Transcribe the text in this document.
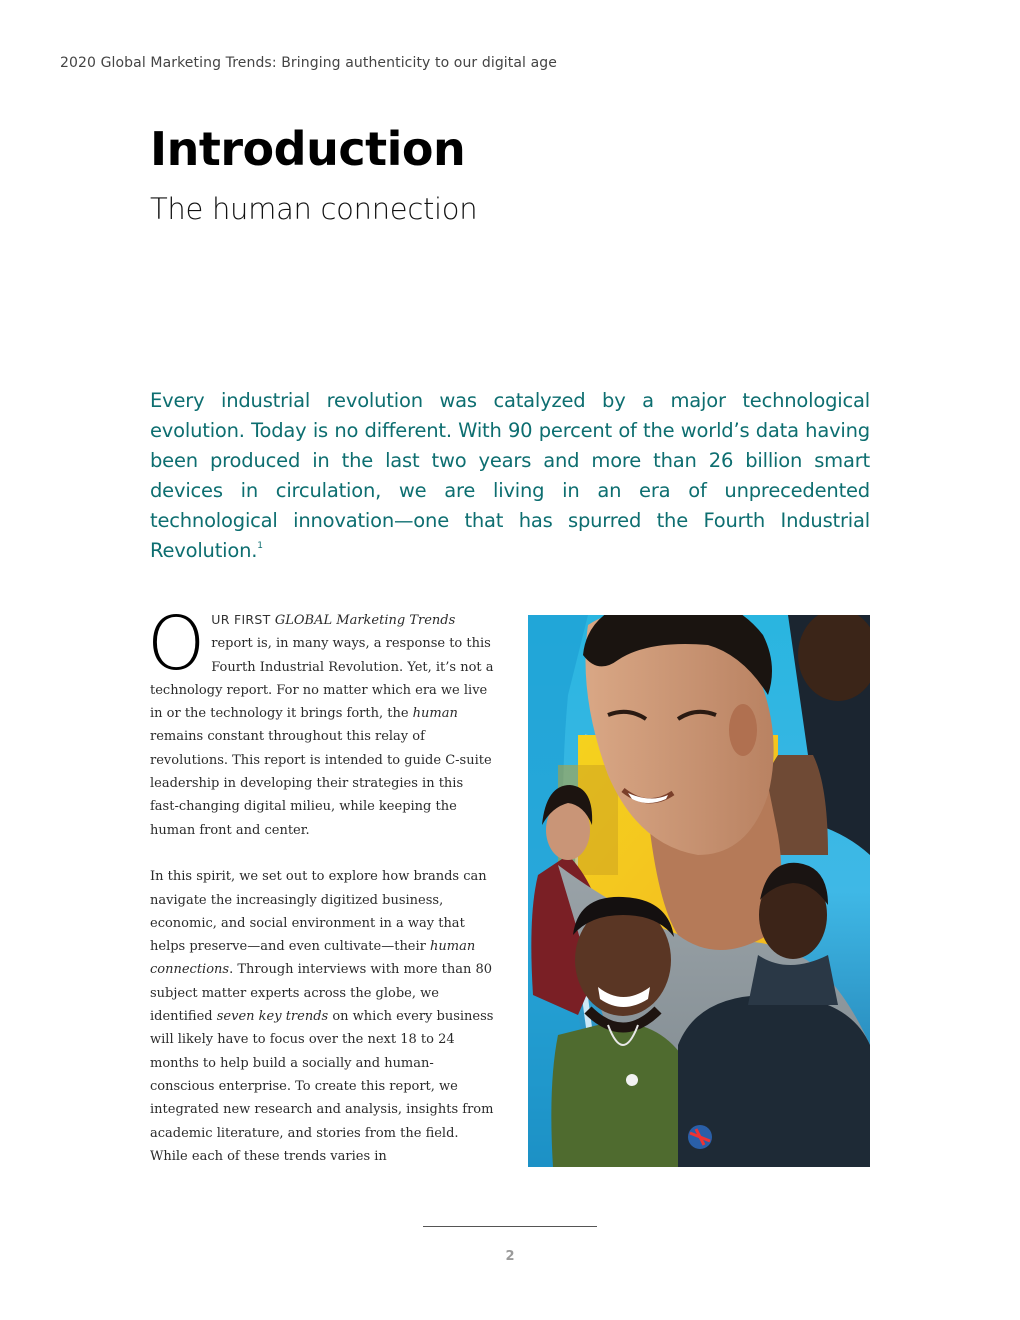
2020 Global Marketing Trends: Bringing authenticity to our digital age
Introduction
The human connection

Every industrial revolution was catalyzed by a major technological evolution. Today is no different. With 90 percent of the world’s data having been produced in the last two years and more than 26 billion smart devices in circulation, we are living in an era of unprecedented technological innovation—one that has spurred the Fourth Industrial Revolution.$^1$

OUR FIRST GLOBAL Marketing Trends report is, in many ways, a response to this Fourth Industrial Revolution. Yet, it’s not a technology report. For no matter which era we live in or the technology it brings forth, the human remains constant throughout this relay of revolutions. This report is intended to guide C-suite leadership in developing their strategies in this fast-changing digital milieu, while keeping the human front and center.

In this spirit, we set out to explore how brands can navigate the increasingly digitized business, economic, and social environment in a way that helps preserve—and even cultivate—their human connections. Through interviews with more than 80 subject matter experts across the globe, we identified seven key trends on which every business will likely have to focus over the next 18 to 24 months to help build a socially and human-conscious enterprise. To create this report, we integrated new research and analysis, insights from academic literature, and stories from the field. While each of these trends varies in

2
